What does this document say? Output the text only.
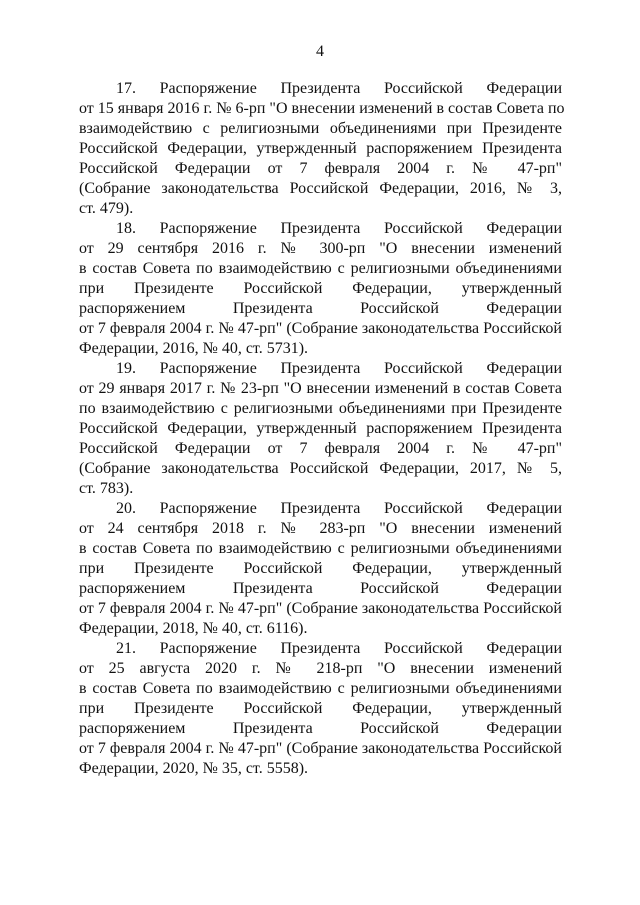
4
17. Распоряжение Президента Российской Федерации
от 15 января 2016 г. № 6-рп "О внесении изменений в состав Совета по
взаимодействию с религиозными объединениями при Президенте
Российской Федерации, утвержденный распоряжением Президента
Российской Федерации от 7 февраля 2004 г. № 47-рп"
(Собрание законодательства Российской Федерации, 2016, № 3,
ст. 479).
18. Распоряжение Президента Российской Федерации
от 29 сентября 2016 г. № 300-рп "О внесении изменений
в состав Совета по взаимодействию с религиозными объединениями
при Президенте Российской Федерации, утвержденный
распоряжением Президента Российской Федерации
от 7 февраля 2004 г. № 47-рп" (Собрание законодательства Российской
Федерации, 2016, № 40, ст. 5731).
19. Распоряжение Президента Российской Федерации
от 29 января 2017 г. № 23-рп "О внесении изменений в состав Совета
по взаимодействию с религиозными объединениями при Президенте
Российской Федерации, утвержденный распоряжением Президента
Российской Федерации от 7 февраля 2004 г. № 47-рп"
(Собрание законодательства Российской Федерации, 2017, № 5,
ст. 783).
20. Распоряжение Президента Российской Федерации
от 24 сентября 2018 г. № 283-рп "О внесении изменений
в состав Совета по взаимодействию с религиозными объединениями
при Президенте Российской Федерации, утвержденный
распоряжением Президента Российской Федерации
от 7 февраля 2004 г. № 47-рп" (Собрание законодательства Российской
Федерации, 2018, № 40, ст. 6116).
21. Распоряжение Президента Российской Федерации
от 25 августа 2020 г. № 218-рп "О внесении изменений
в состав Совета по взаимодействию с религиозными объединениями
при Президенте Российской Федерации, утвержденный
распоряжением Президента Российской Федерации
от 7 февраля 2004 г. № 47-рп" (Собрание законодательства Российской
Федерации, 2020, № 35, ст. 5558).
